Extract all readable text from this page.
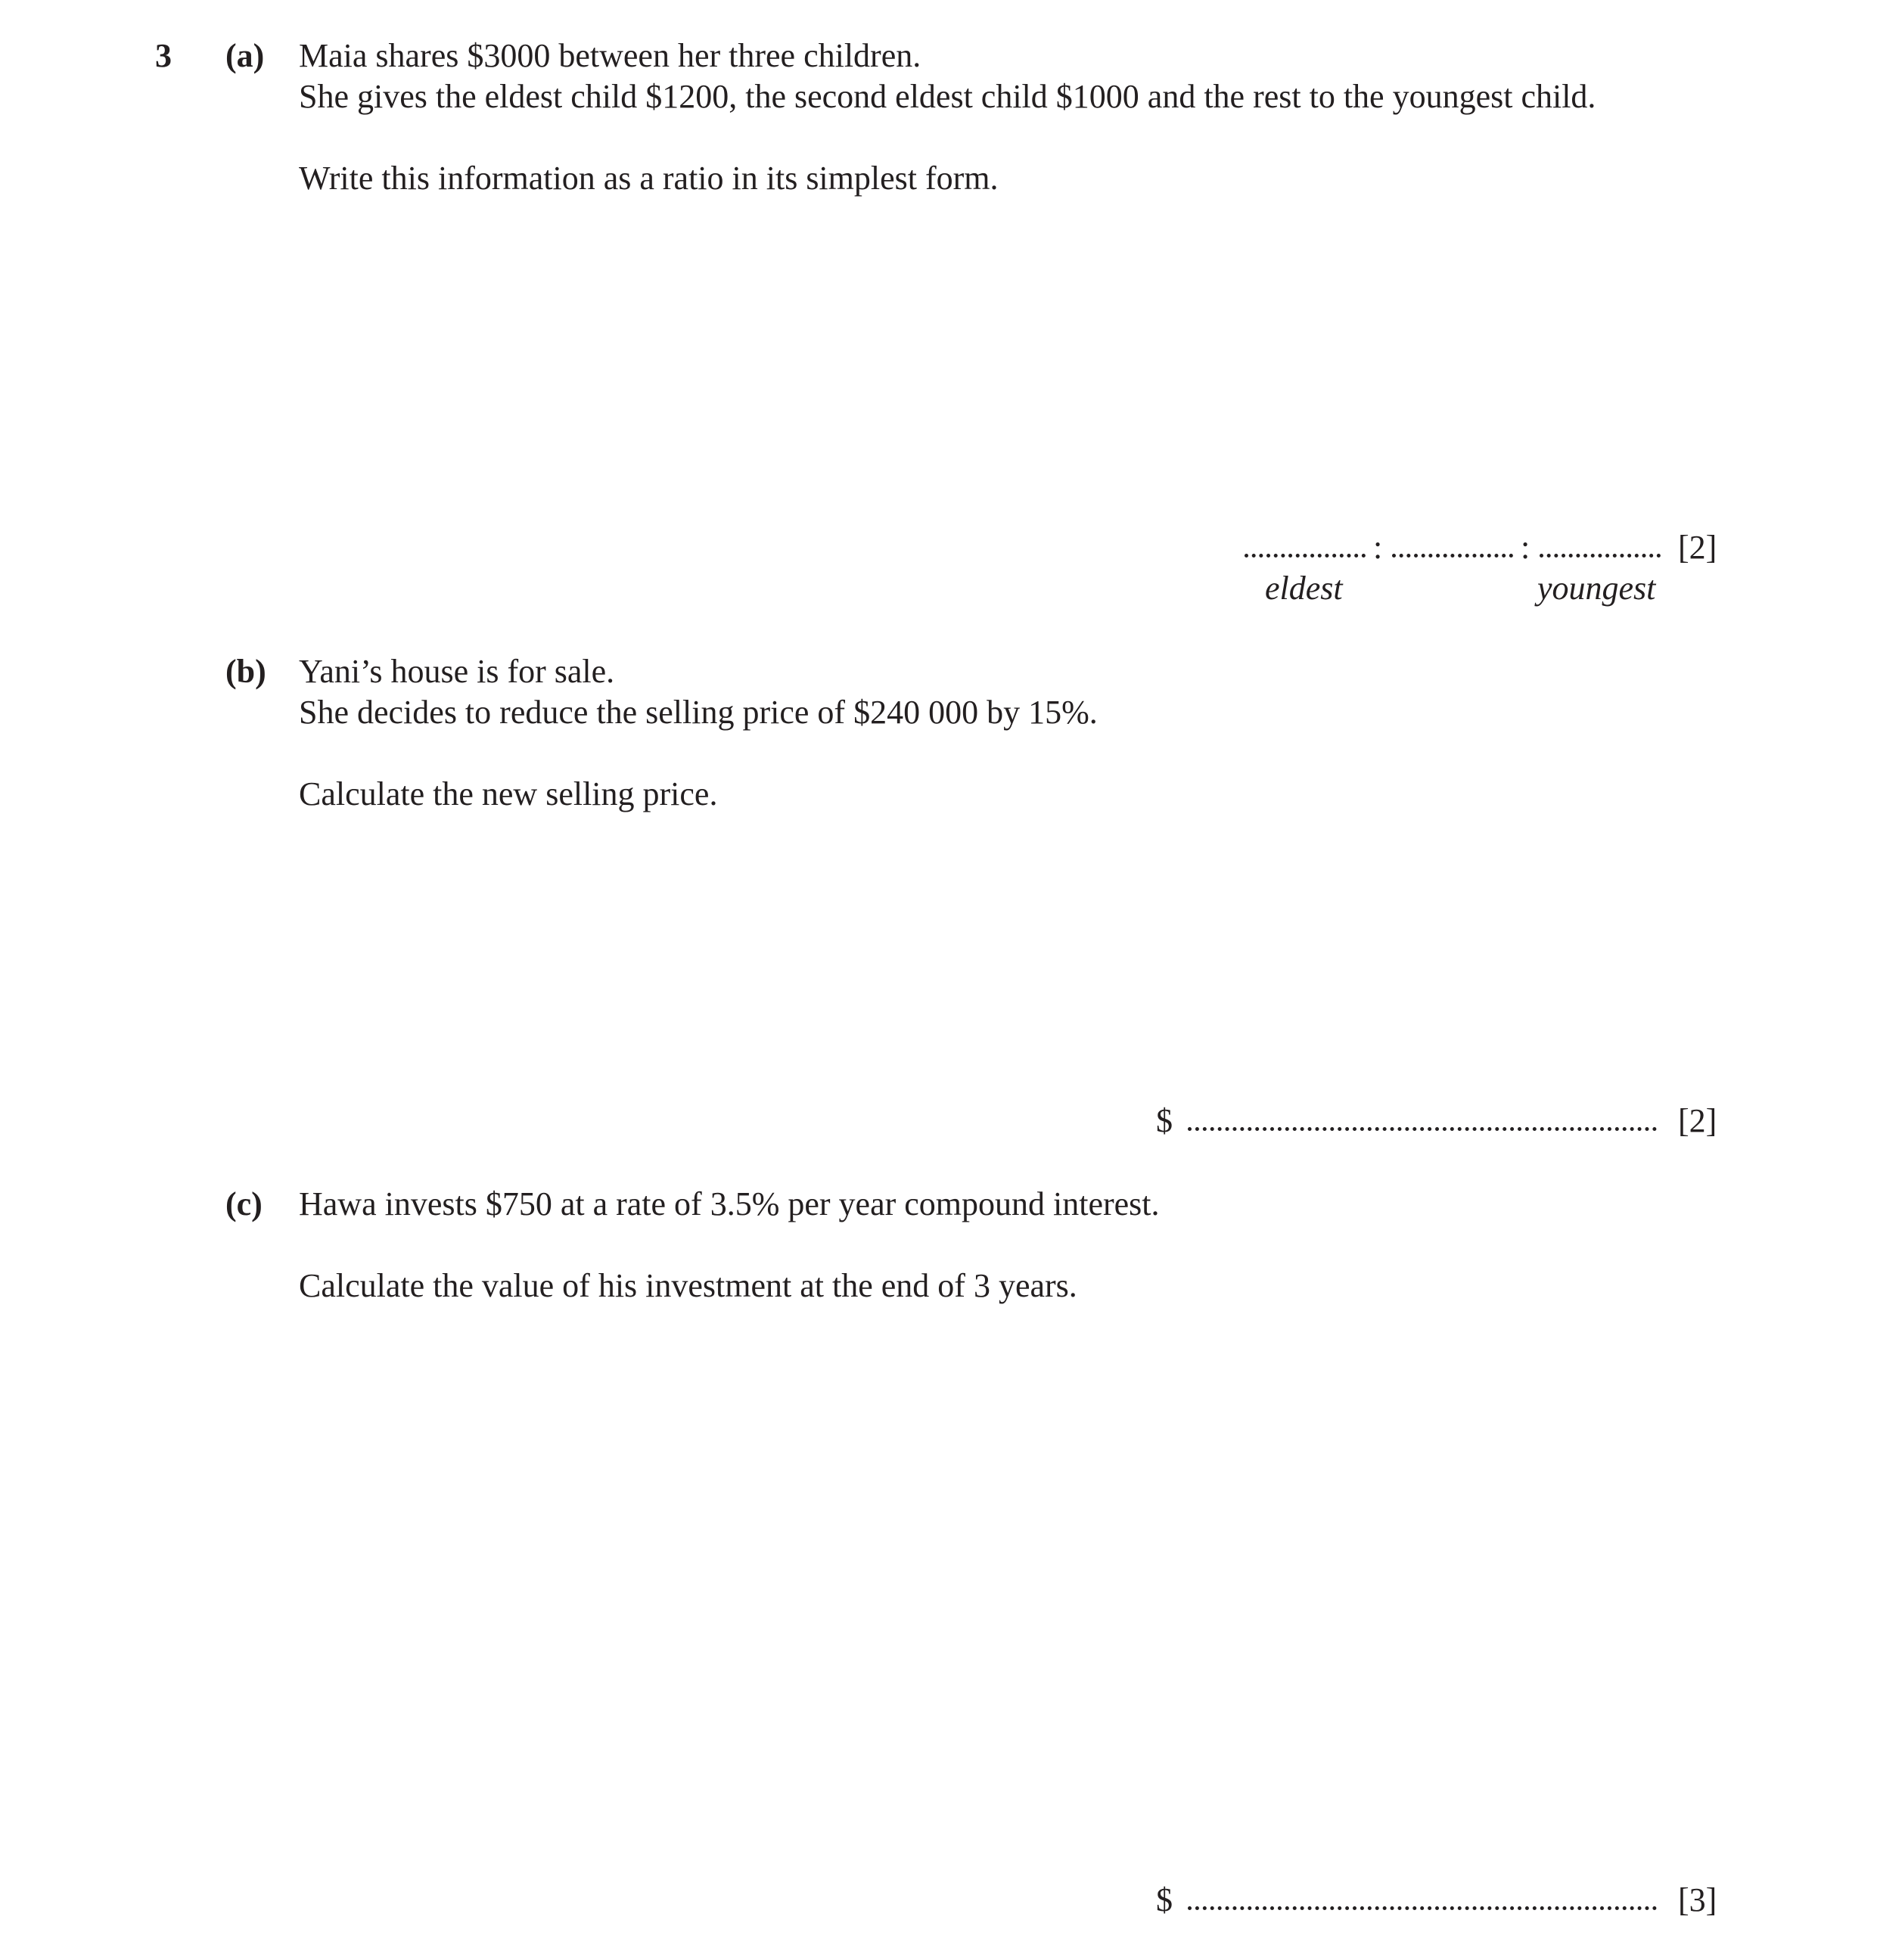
3 (a) Maia shares $3000 between her three children.
She gives the eldest child $1200, the second eldest child $1000 and the rest to the youngest child.
Write this information as a ratio in its simplest form.
:	:	[2]
eldest	youngest
(b) Yani’s house is for sale.
She decides to reduce the selling price of $240 000 by 15%.
Calculate the new selling price.
$	[2]
(c) Hawa invests $750 at a rate of 3.5% per year compound interest.
Calculate the value of his investment at the end of 3 years.
$	[3]
